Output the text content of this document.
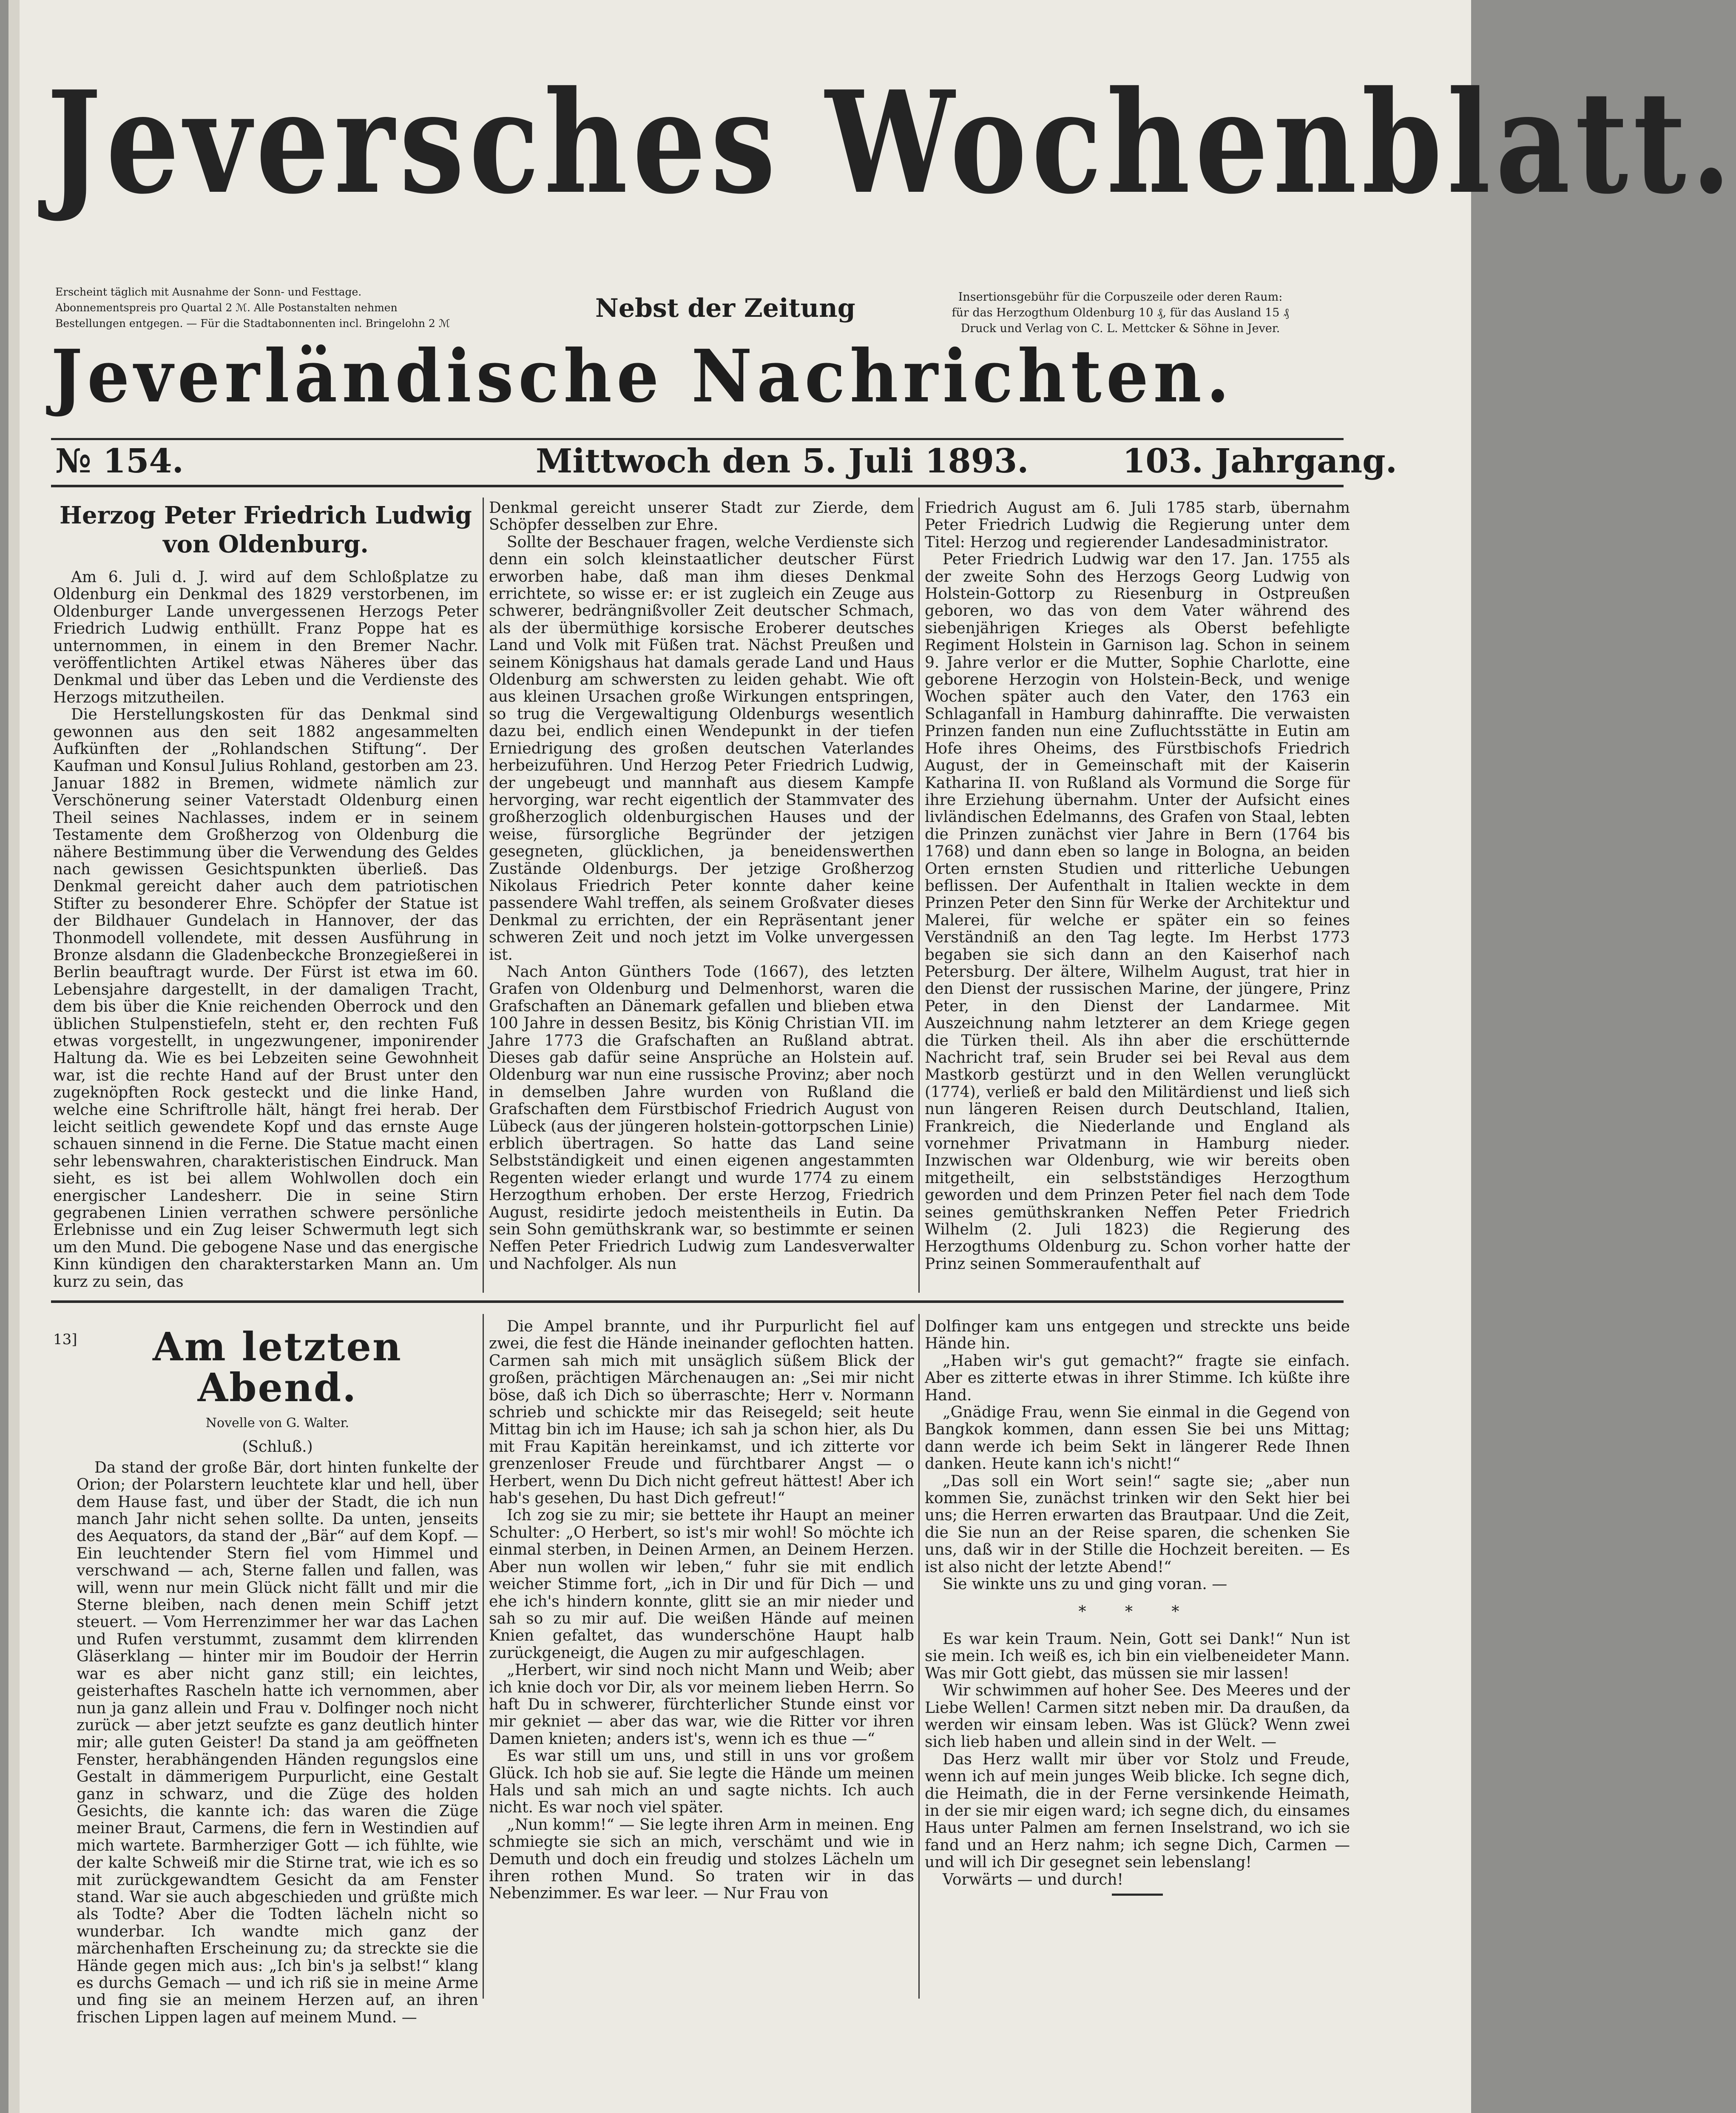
Jeversches Wochenblatt.
Erscheint täglich mit Ausnahme der Sonn- und Festtage.
Abonnementspreis pro Quartal 2 ℳ. Alle Postanstalten nehmen
Bestellungen entgegen. — Für die Stadtabonnenten incl. Bringelohn 2 ℳ
Nebst der Zeitung	Insertionsgebühr für die Corpuszeile oder deren Raum:
für das Herzogthum Oldenburg 10 ₰, für das Ausland 15 ₰
Druck und Verlag von C. L. Mettcker & Söhne in Jever.
Jeverländische Nachrichten.
№ 154.	Mittwoch den 5. Juli 1893.	103. Jahrgang.
Herzog Peter Friedrich Ludwig
von Oldenburg.

Am 6. Juli d. J. wird auf dem Schloßplatze zu Oldenburg ein Denkmal des 1829 verstorbenen, im Oldenburger Lande unvergessenen Herzogs Peter Friedrich Ludwig enthüllt. Franz Poppe hat es unternommen, in einem in den Bremer Nachr. veröffentlichten Artikel etwas Näheres über das Denkmal und über das Leben und die Verdienste des Herzogs mitzutheilen.

Die Herstellungskosten für das Denkmal sind gewonnen aus den seit 1882 angesammelten Aufkünften der „Rohlandschen Stiftung“. Der Kaufman und Konsul Julius Rohland, gestorben am 23. Januar 1882 in Bremen, widmete nämlich zur Verschönerung seiner Vaterstadt Oldenburg einen Theil seines Nachlasses, indem er in seinem Testamente dem Großherzog von Oldenburg die nähere Bestimmung über die Verwendung des Geldes nach gewissen Gesichtspunkten überließ. Das Denkmal gereicht daher auch dem patriotischen Stifter zu besonderer Ehre. Schöpfer der Statue ist der Bildhauer Gundelach in Hannover, der das Thonmodell vollendete, mit dessen Ausführung in Bronze alsdann die Gladenbeckche Bronzegießerei in Berlin beauftragt wurde. Der Fürst ist etwa im 60. Lebensjahre dargestellt, in der damaligen Tracht, dem bis über die Knie reichenden Oberrock und den üblichen Stulpenstiefeln, steht er, den rechten Fuß etwas vorgestellt, in ungezwungener, imponirender Haltung da. Wie es bei Lebzeiten seine Gewohnheit war, ist die rechte Hand auf der Brust unter den zugeknöpften Rock gesteckt und die linke Hand, welche eine Schriftrolle hält, hängt frei herab. Der leicht seitlich gewendete Kopf und das ernste Auge schauen sinnend in die Ferne. Die Statue macht einen sehr lebenswahren, charakteristischen Eindruck. Man sieht, es ist bei allem Wohlwollen doch ein energischer Landesherr. Die in seine Stirn gegrabenen Linien verrathen schwere persönliche Erlebnisse und ein Zug leiser Schwermuth legt sich um den Mund. Die gebogene Nase und das energische Kinn kündigen den charakterstarken Mann an. Um kurz zu sein, das

Denkmal gereicht unserer Stadt zur Zierde, dem Schöpfer desselben zur Ehre.

Sollte der Beschauer fragen, welche Verdienste sich denn ein solch kleinstaatlicher deutscher Fürst erworben habe, daß man ihm dieses Denkmal errichtete, so wisse er: er ist zugleich ein Zeuge aus schwerer, bedrängnißvoller Zeit deutscher Schmach, als der übermüthige korsische Eroberer deutsches Land und Volk mit Füßen trat. Nächst Preußen und seinem Königshaus hat damals gerade Land und Haus Oldenburg am schwersten zu leiden gehabt. Wie oft aus kleinen Ursachen große Wirkungen entspringen, so trug die Vergewaltigung Oldenburgs wesentlich dazu bei, endlich einen Wendepunkt in der tiefen Erniedrigung des großen deutschen Vaterlandes herbeizuführen. Und Herzog Peter Friedrich Ludwig, der ungebeugt und mannhaft aus diesem Kampfe hervorging, war recht eigentlich der Stammvater des großherzoglich oldenburgischen Hauses und der weise, fürsorgliche Begründer der jetzigen gesegneten, glücklichen, ja beneidenswerthen Zustände Oldenburgs. Der jetzige Großherzog Nikolaus Friedrich Peter konnte daher keine passendere Wahl treffen, als seinem Großvater dieses Denkmal zu errichten, der ein Repräsentant jener schweren Zeit und noch jetzt im Volke unvergessen ist.

Nach Anton Günthers Tode (1667), des letzten Grafen von Oldenburg und Delmenhorst, waren die Grafschaften an Dänemark gefallen und blieben etwa 100 Jahre in dessen Besitz, bis König Christian VII. im Jahre 1773 die Grafschaften an Rußland abtrat. Dieses gab dafür seine Ansprüche an Holstein auf. Oldenburg war nun eine russische Provinz; aber noch in demselben Jahre wurden von Rußland die Grafschaften dem Fürstbischof Friedrich August von Lübeck (aus der jüngeren holstein-gottorpschen Linie) erblich übertragen. So hatte das Land seine Selbstständigkeit und einen eigenen angestammten Regenten wieder erlangt und wurde 1774 zu einem Herzogthum erhoben. Der erste Herzog, Friedrich August, residirte jedoch meistentheils in Eutin. Da sein Sohn gemüthskrank war, so bestimmte er seinen Neffen Peter Friedrich Ludwig zum Landesverwalter und Nachfolger. Als nun

Friedrich August am 6. Juli 1785 starb, übernahm Peter Friedrich Ludwig die Regierung unter dem Titel: Herzog und regierender Landesadministrator.

Peter Friedrich Ludwig war den 17. Jan. 1755 als der zweite Sohn des Herzogs Georg Ludwig von Holstein-Gottorp zu Riesenburg in Ostpreußen geboren, wo das von dem Vater während des siebenjährigen Krieges als Oberst befehligte Regiment Holstein in Garnison lag. Schon in seinem 9. Jahre verlor er die Mutter, Sophie Charlotte, eine geborene Herzogin von Holstein-Beck, und wenige Wochen später auch den Vater, den 1763 ein Schlaganfall in Hamburg dahinraffte. Die verwaisten Prinzen fanden nun eine Zufluchtsstätte in Eutin am Hofe ihres Oheims, des Fürstbischofs Friedrich August, der in Gemeinschaft mit der Kaiserin Katharina II. von Rußland als Vormund die Sorge für ihre Erziehung übernahm. Unter der Aufsicht eines livländischen Edelmanns, des Grafen von Staal, lebten die Prinzen zunächst vier Jahre in Bern (1764 bis 1768) und dann eben so lange in Bologna, an beiden Orten ernsten Studien und ritterliche Uebungen beflissen. Der Aufenthalt in Italien weckte in dem Prinzen Peter den Sinn für Werke der Architektur und Malerei, für welche er später ein so feines Verständniß an den Tag legte. Im Herbst 1773 begaben sie sich dann an den Kaiserhof nach Petersburg. Der ältere, Wilhelm August, trat hier in den Dienst der russischen Marine, der jüngere, Prinz Peter, in den Dienst der Landarmee. Mit Auszeichnung nahm letzterer an dem Kriege gegen die Türken theil. Als ihn aber die erschütternde Nachricht traf, sein Bruder sei bei Reval aus dem Mastkorb gestürzt und in den Wellen verunglückt (1774), verließ er bald den Militärdienst und ließ sich nun längeren Reisen durch Deutschland, Italien, Frankreich, die Niederlande und England als vornehmer Privatmann in Hamburg nieder. Inzwischen war Oldenburg, wie wir bereits oben mitgetheilt, ein selbstständiges Herzogthum geworden und dem Prinzen Peter fiel nach dem Tode seines gemüthskranken Neffen Peter Friedrich Wilhelm (2. Juli 1823) die Regierung des Herzogthums Oldenburg zu. Schon vorher hatte der Prinz seinen Sommeraufenthalt auf

13]	Am letzten Abend.
Novelle von G. Walter.
(Schluß.)

Da stand der große Bär, dort hinten funkelte der Orion; der Polarstern leuchtete klar und hell, über dem Hause fast, und über der Stadt, die ich nun manch Jahr nicht sehen sollte. Da unten, jenseits des Aequators, da stand der „Bär“ auf dem Kopf. — Ein leuchtender Stern fiel vom Himmel und verschwand — ach, Sterne fallen und fallen, was will, wenn nur mein Glück nicht fällt und mir die Sterne bleiben, nach denen mein Schiff jetzt steuert. — Vom Herrenzimmer her war das Lachen und Rufen verstummt, zusammt dem klirrenden Gläserklang — hinter mir im Boudoir der Herrin war es aber nicht ganz still; ein leichtes, geisterhaftes Rascheln hatte ich vernommen, aber nun ja ganz allein und Frau v. Dolfinger noch nicht zurück — aber jetzt seufzte es ganz deutlich hinter mir; alle guten Geister! Da stand ja am geöffneten Fenster, herabhängenden Händen regungslos eine Gestalt in dämmerigem Purpurlicht, eine Gestalt ganz in schwarz, und die Züge des holden Gesichts, die kannte ich: das waren die Züge meiner Braut, Carmens, die fern in Westindien auf mich wartete. Barmherziger Gott — ich fühlte, wie der kalte Schweiß mir die Stirne trat, wie ich es so mit zurückgewandtem Gesicht da am Fenster stand. War sie auch abgeschieden und grüßte mich als Todte? Aber die Todten lächeln nicht so wunderbar. Ich wandte mich ganz der märchenhaften Erscheinung zu; da streckte sie die Hände gegen mich aus: „Ich bin's ja selbst!“ klang es durchs Gemach — und ich riß sie in meine Arme und fing sie an meinem Herzen auf, an ihren frischen Lippen lagen auf meinem Mund. —

Die Ampel brannte, und ihr Purpurlicht fiel auf zwei, die fest die Hände ineinander geflochten hatten. Carmen sah mich mit unsäglich süßem Blick der großen, prächtigen Märchenaugen an: „Sei mir nicht böse, daß ich Dich so überraschte; Herr v. Normann schrieb und schickte mir das Reisegeld; seit heute Mittag bin ich im Hause; ich sah ja schon hier, als Du mit Frau Kapitän hereinkamst, und ich zitterte vor grenzenloser Freude und fürchtbarer Angst — o Herbert, wenn Du Dich nicht gefreut hättest! Aber ich hab's gesehen, Du hast Dich gefreut!“

Ich zog sie zu mir; sie bettete ihr Haupt an meiner Schulter: „O Herbert, so ist's mir wohl! So möchte ich einmal sterben, in Deinen Armen, an Deinem Herzen. Aber nun wollen wir leben,“ fuhr sie mit endlich weicher Stimme fort, „ich in Dir und für Dich — und ehe ich's hindern konnte, glitt sie an mir nieder und sah so zu mir auf. Die weißen Hände auf meinen Knien gefaltet, das wunderschöne Haupt halb zurückgeneigt, die Augen zu mir aufgeschlagen.

„Herbert, wir sind noch nicht Mann und Weib; aber ich knie doch vor Dir, als vor meinem lieben Herrn. So haft Du in schwerer, fürchterlicher Stunde einst vor mir gekniet — aber das war, wie die Ritter vor ihren Damen knieten; anders ist's, wenn ich es thue —“

Es war still um uns, und still in uns vor großem Glück. Ich hob sie auf. Sie legte die Hände um meinen Hals und sah mich an und sagte nichts. Ich auch nicht. Es war noch viel später.

„Nun komm!“ — Sie legte ihren Arm in meinen. Eng schmiegte sie sich an mich, verschämt und wie in Demuth und doch ein freudig und stolzes Lächeln um ihren rothen Mund. So traten wir in das Nebenzimmer. Es war leer. — Nur Frau von

Dolfinger kam uns entgegen und streckte uns beide Hände hin.

„Haben wir's gut gemacht?“ fragte sie einfach. Aber es zitterte etwas in ihrer Stimme. Ich küßte ihre Hand.

„Gnädige Frau, wenn Sie einmal in die Gegend von Bangkok kommen, dann essen Sie bei uns Mittag; dann werde ich beim Sekt in längerer Rede Ihnen danken. Heute kann ich's nicht!“

„Das soll ein Wort sein!“ sagte sie; „aber nun kommen Sie, zunächst trinken wir den Sekt hier bei uns; die Herren erwarten das Brautpaar. Und die Zeit, die Sie nun an der Reise sparen, die schenken Sie uns, daß wir in der Stille die Hochzeit bereiten. — Es ist also nicht der letzte Abend!“

Sie winkte uns zu und ging voran. —

* * *

Es war kein Traum. Nein, Gott sei Dank!“ Nun ist sie mein. Ich weiß es, ich bin ein vielbeneideter Mann. Was mir Gott giebt, das müssen sie mir lassen!

Wir schwimmen auf hoher See. Des Meeres und der Liebe Wellen! Carmen sitzt neben mir. Da draußen, da werden wir einsam leben. Was ist Glück? Wenn zwei sich lieb haben und allein sind in der Welt. —

Das Herz wallt mir über vor Stolz und Freude, wenn ich auf mein junges Weib blicke. Ich segne dich, die Heimath, die in der Ferne versinkende Heimath, in der sie mir eigen ward; ich segne dich, du einsames Haus unter Palmen am fernen Inselstrand, wo ich sie fand und an Herz nahm; ich segne Dich, Carmen — und will ich Dir gesegnet sein lebenslang!

Vorwärts — und durch!
